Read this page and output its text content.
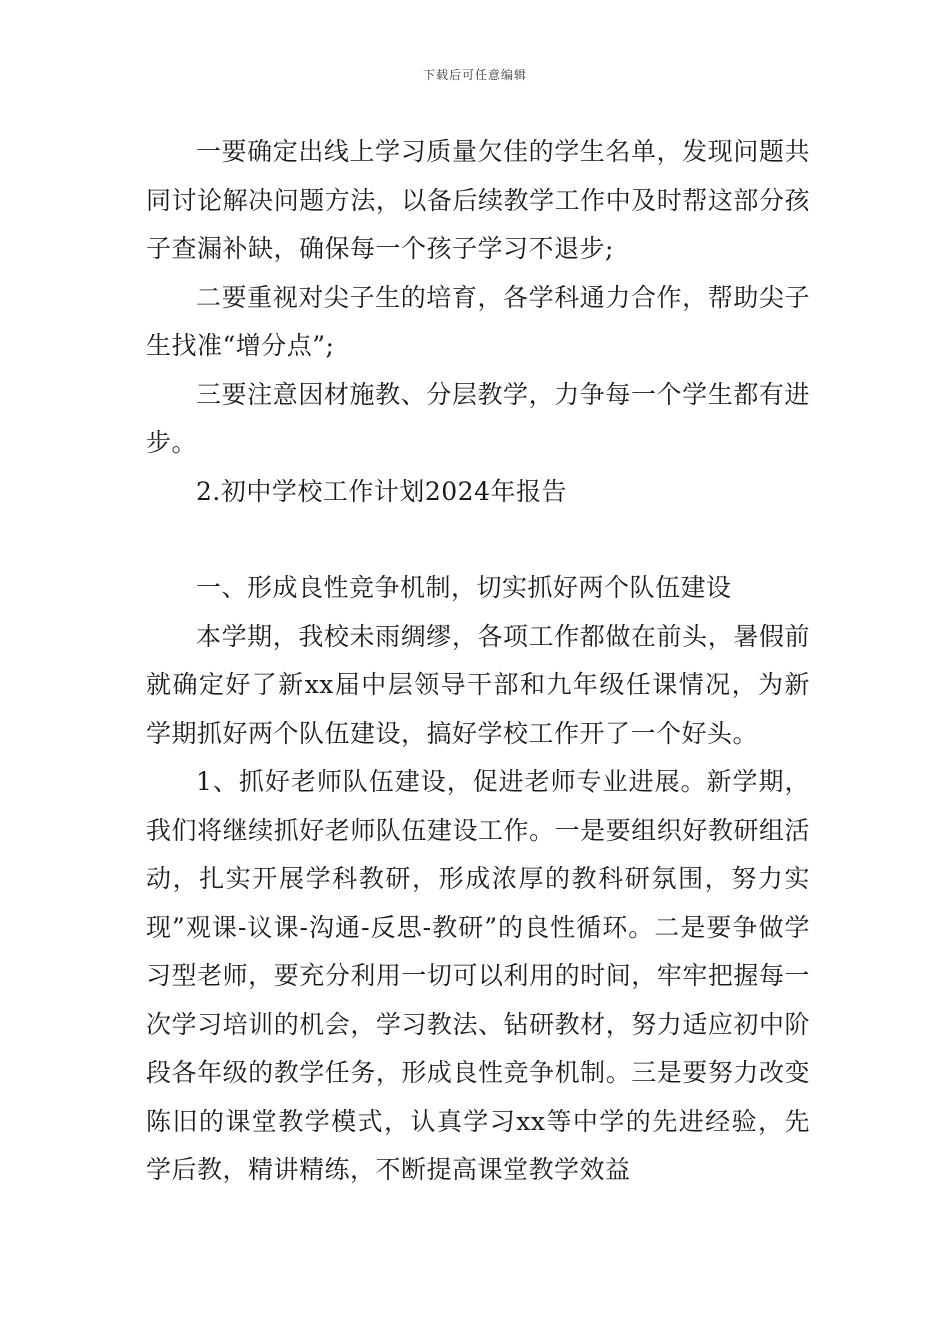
下载后可任意编辑

一要确定出线上学习质量欠佳的学生名单，发现问题共同讨论解决问题方法，以备后续教学工作中及时帮这部分孩子查漏补缺，确保每一个孩子学习不退步;

二要重视对尖子生的培育，各学科通力合作，帮助尖子生找准“增分点”;

三要注意因材施教、分层教学，力争每一个学生都有进步。

2.初中学校工作计划2024年报告

一、形成良性竞争机制，切实抓好两个队伍建设

本学期，我校未雨绸缪，各项工作都做在前头，暑假前就确定好了新xx届中层领导干部和九年级任课情况，为新学期抓好两个队伍建设，搞好学校工作开了一个好头。

1、抓好老师队伍建设，促进老师专业进展。新学期，我们将继续抓好老师队伍建设工作。一是要组织好教研组活动，扎实开展学科教研，形成浓厚的教科研氛围，努力实现”观课-议课-沟通-反思-教研”的良性循环。二是要争做学习型老师，要充分利用一切可以利用的时间，牢牢把握每一次学习培训的机会，学习教法、钻研教材，努力适应初中阶段各年级的教学任务，形成良性竞争机制。三是要努力改变陈旧的课堂教学模式，认真学习xx等中学的先进经验，先学后教，精讲精练，不断提高课堂教学效益
